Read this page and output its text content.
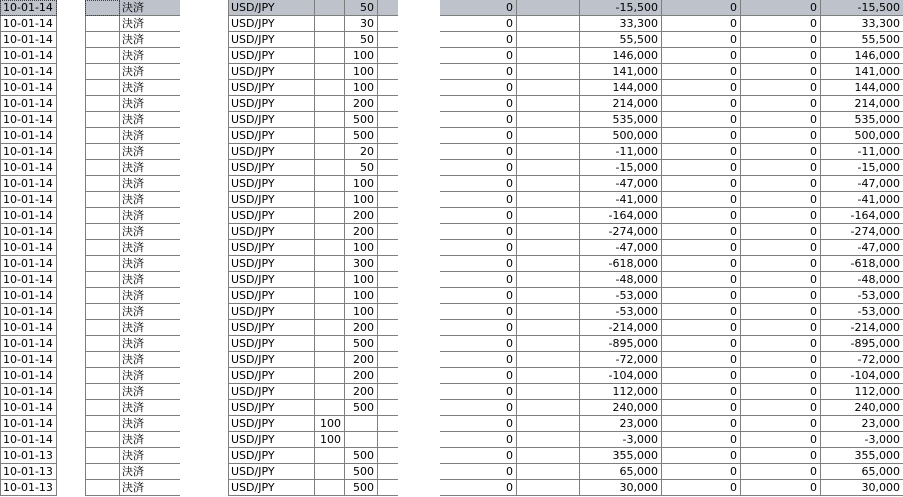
10-01-14	決済	USD/JPY	50	0	-15,500	0	0	-15,500
10-01-14	決済	USD/JPY	30	0	33,300	0	0	33,300
10-01-14	決済	USD/JPY	50	0	55,500	0	0	55,500
10-01-14	決済	USD/JPY	100	0	146,000	0	0	146,000
10-01-14	決済	USD/JPY	100	0	141,000	0	0	141,000
10-01-14	決済	USD/JPY	100	0	144,000	0	0	144,000
10-01-14	決済	USD/JPY	200	0	214,000	0	0	214,000
10-01-14	決済	USD/JPY	500	0	535,000	0	0	535,000
10-01-14	決済	USD/JPY	500	0	500,000	0	0	500,000
10-01-14	決済	USD/JPY	20	0	-11,000	0	0	-11,000
10-01-14	決済	USD/JPY	50	0	-15,000	0	0	-15,000
10-01-14	決済	USD/JPY	100	0	-47,000	0	0	-47,000
10-01-14	決済	USD/JPY	100	0	-41,000	0	0	-41,000
10-01-14	決済	USD/JPY	200	0	-164,000	0	0	-164,000
10-01-14	決済	USD/JPY	200	0	-274,000	0	0	-274,000
10-01-14	決済	USD/JPY	100	0	-47,000	0	0	-47,000
10-01-14	決済	USD/JPY	300	0	-618,000	0	0	-618,000
10-01-14	決済	USD/JPY	100	0	-48,000	0	0	-48,000
10-01-14	決済	USD/JPY	100	0	-53,000	0	0	-53,000
10-01-14	決済	USD/JPY	100	0	-53,000	0	0	-53,000
10-01-14	決済	USD/JPY	200	0	-214,000	0	0	-214,000
10-01-14	決済	USD/JPY	500	0	-895,000	0	0	-895,000
10-01-14	決済	USD/JPY	200	0	-72,000	0	0	-72,000
10-01-14	決済	USD/JPY	200	0	-104,000	0	0	-104,000
10-01-14	決済	USD/JPY	200	0	112,000	0	0	112,000
10-01-14	決済	USD/JPY	500	0	240,000	0	0	240,000
10-01-14	決済	USD/JPY	100	0	23,000	0	0	23,000
10-01-14	決済	USD/JPY	100	0	-3,000	0	0	-3,000
10-01-13	決済	USD/JPY	500	0	355,000	0	0	355,000
10-01-13	決済	USD/JPY	500	0	65,000	0	0	65,000
10-01-13	決済	USD/JPY	500	0	30,000	0	0	30,000
